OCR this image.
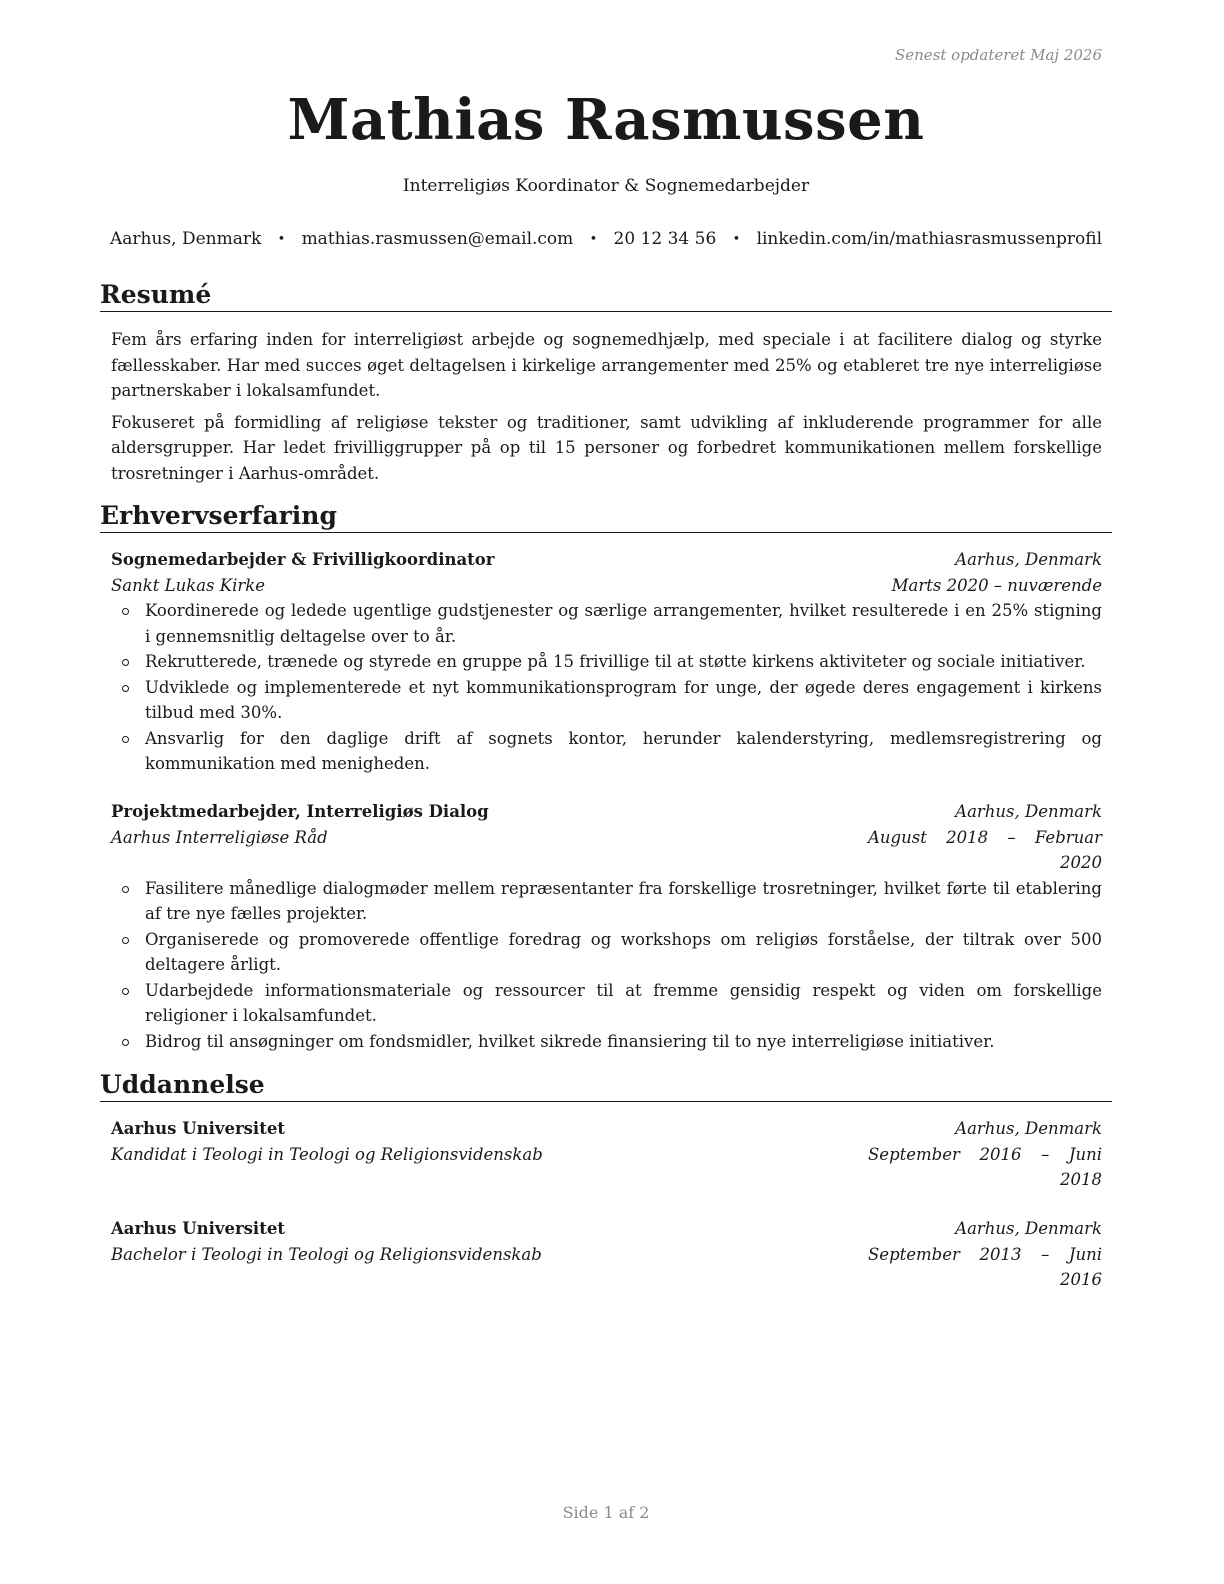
Senest opdateret Maj 2026
Mathias Rasmussen
Interreligiøs Koordinator & Sognemedarbejder
Aarhus, Denmark • mathias.rasmussen@email.com • 20 12 34 56 • linkedin.com/in/mathiasrasmussenprofil
Resumé

Fem års erfaring inden for interreligiøst arbejde og sognemedhjælp, med speciale i at facilitere dialog og styrke fællesskaber. Har med succes øget deltagelsen i kirkelige arrangementer med 25% og etableret tre nye interreligiøse partnerskaber i lokalsamfundet.

Fokuseret på formidling af religiøse tekster og traditioner, samt udvikling af inkluderende programmer for alle aldersgrupper. Har ledet frivilliggrupper på op til 15 personer og forbedret kommunikationen mellem forskellige trosretninger i Aarhus-området.

Erhvervserfaring
Sognemedarbejder & Frivilligkoordinator	Aarhus, Denmark
Sankt Lukas Kirke	Marts 2020 – nuværende
Koordinerede og ledede ugentlige gudstjenester og særlige arrangementer, hvilket resulterede i en 25% stigning i gennemsnitlig deltagelse over to år.
Rekrutterede, trænede og styrede en gruppe på 15 frivillige til at støtte kirkens aktiviteter og sociale initiativer.
Udviklede og implementerede et nyt kommunikationsprogram for unge, der øgede deres engagement i kirkens tilbud med 30%.
Ansvarlig for den daglige drift af sognets kontor, herunder kalenderstyring, medlemsregistrering og kommunikation med menigheden.
Projektmedarbejder, Interreligiøs Dialog	Aarhus, Denmark
Aarhus Interreligiøse Råd	August 2018 – Februar 2020
Fasilitere månedlige dialogmøder mellem repræsentanter fra forskellige trosretninger, hvilket førte til etablering af tre nye fælles projekter.
Organiserede og promoverede offentlige foredrag og workshops om religiøs forståelse, der tiltrak over 500 deltagere årligt.
Udarbejdede informationsmateriale og ressourcer til at fremme gensidig respekt og viden om forskellige religioner i lokalsamfundet.
Bidrog til ansøgninger om fondsmidler, hvilket sikrede finansiering til to nye interreligiøse initiativer.
Uddannelse
Aarhus Universitet	Aarhus, Denmark
Kandidat i Teologi in Teologi og Religionsvidenskab	September 2016 – Juni 2018
Aarhus Universitet	Aarhus, Denmark
Bachelor i Teologi in Teologi og Religionsvidenskab	September 2013 – Juni 2016
Side 1 af 2
